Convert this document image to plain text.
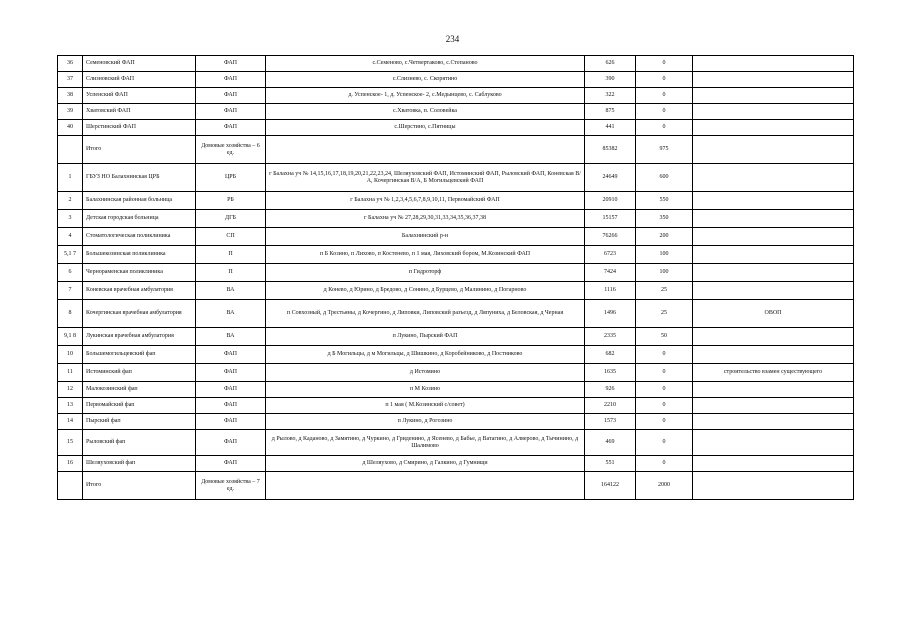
234
36	Семеновский ФАП	ФАП	с.Семеново, с.Четвертаково, с.Степаново	626	0	
37	Слизновский ФАП	ФАП	с.Слизнево, с. Скорятино	390	0	
38	Успенский ФАП	ФАП	д. Успенское- 1, д. Успенское- 2, с.Медынцево, с. Саблуково	322	0	
39	Хватовский ФАП	ФАП	с.Хватовка, п. Соловейка	875	0	
40	Шерстинский ФАП	ФАП	с.Шерстино, с.Пятницы	441	0	
	Итого	Домовые хозяйства – 6 ед.		85382	975	
1	ГБУЗ НО Балахнинская ЦРБ	ЦРБ	г Балахна уч № 14,15,16,17,18,19,20,21,22,23,24, Шеляуховский ФАП, Истоминский ФАП, Рыловский ФАП, Коневская В/А, Кочергинская В/А, Б Могильцевский ФАП	24649	600	
2	Балахнинская районная больница	РБ	г Балахна уч № 1,2,3,4,5,6,7,8,9,10,11, Первомайский ФАП	20910	550	
3	Детская городская больница	ДГБ	г Балахна уч № 27,28,29,30,31,33,34,35,36,37,38	15157	350	
4	Стоматологическая поликлиника	СП	Балахнинский р-н	76266	200	
5,1 7	Большекозинская поликлиника	П	п Б Козино, п Лихово, п Костенево, п 1 мая, Лиховский бором, М.Козинский ФАП	6723	100	
6	Чернораменская поликлиника	П	п Гидроторф	7424	100	
7	Коневская врачебная амбулатория	ВА	д Конево, д Юрино, д Бредово, д Сонино, д Бурцево, д Малинино, д Погарново	1116	25	
8	Кочергинская врачебная амбулатория	ВА	п Совхозный, д Трестьяны, д Кочергино, д Липовки, Липовский разъезд, д Ляпуниха, д Беловская, д Черная	1496	25	ОВОП
9,1 8	Лукинская врачебная амбулатория	ВА	п Лукино, Пырский ФАП	2335	50	
10	Большемогильцевский фап	ФАП	д Б Могильцы, д м Могильцы, д Шишкино, д Коробейниково, д Постниково	682	0	
11	Истоминский фап	ФАП	д Истомино	1635	0	строительство взамен существующего
12	Малокозинский фап	ФАП	п М Козино	926	0	
13	Первомайский фап	ФАП	п 1 мая ( М.Козинский с/совет)	2210	0	
14	Пырский фап	ФАП	п Лукино, д Рогозино	1573	0	
15	Рыловский фап	ФАП	д Рылово, д Каданово, д Замятино, д Чуркино, д Гриденино, д Ясенево, д Бабье, д Ватагино, д Алверово, д Тычинино, д Шалимово	469	0	
16	Шеляуховский фап	ФАП	д Шеляухово, д Смирино, д Галкино, д Гумнищи	551	0	
	Итого	Домовые хозяйства – 7 ед.		164122	2000	
